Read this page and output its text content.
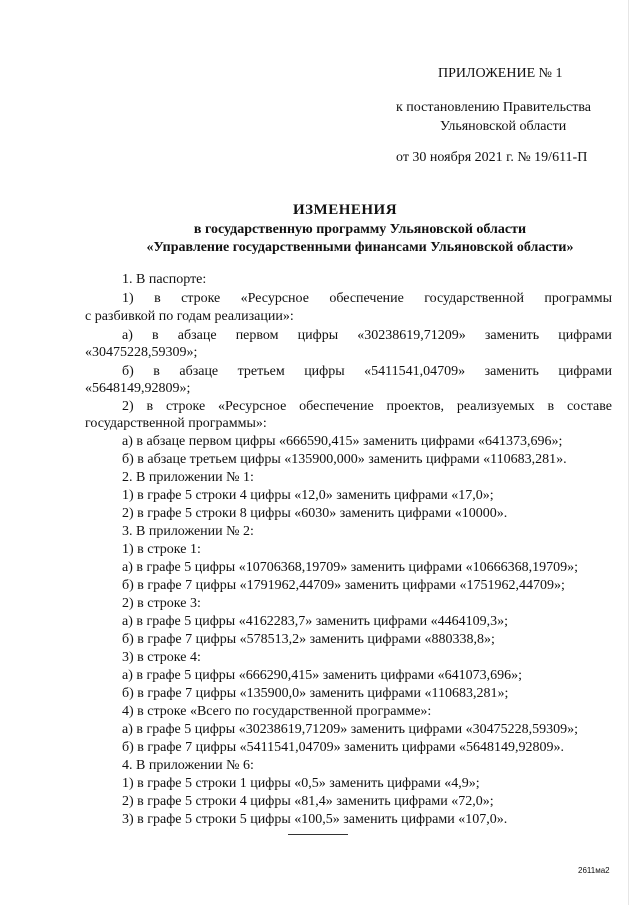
ПРИЛОЖЕНИЕ № 1
к постановлению Правительства
Ульяновской области
от 30 ноября 2021 г. № 19/611-П
ИЗМЕНЕНИЯ
в государственную программу Ульяновской области
«Управление государственными финансами Ульяновской области»
1. В паспорте:
1) в строке «Ресурсное обеспечение государственной программы
с разбивкой по годам реализации»:
а) в абзаце первом цифры «30238619,71209» заменить цифрами
«30475228,59309»;
б) в абзаце третьем цифры «5411541,04709» заменить цифрами
«5648149,92809»;
2) в строке «Ресурсное обеспечение проектов, реализуемых в составе
государственной программы»:
а) в абзаце первом цифры «666590,415» заменить цифрами «641373,696»;
б) в абзаце третьем цифры «135900,000» заменить цифрами «110683,281».
2. В приложении № 1:
1) в графе 5 строки 4 цифры «12,0» заменить цифрами «17,0»;
2) в графе 5 строки 8 цифры «6030» заменить цифрами «10000».
3. В приложении № 2:
1) в строке 1:
а) в графе 5 цифры «10706368,19709» заменить цифрами «10666368,19709»;
б) в графе 7 цифры «1791962,44709» заменить цифрами «1751962,44709»;
2) в строке 3:
а) в графе 5 цифры «4162283,7» заменить цифрами «4464109,3»;
б) в графе 7 цифры «578513,2» заменить цифрами «880338,8»;
3) в строке 4:
а) в графе 5 цифры «666290,415» заменить цифрами «641073,696»;
б) в графе 7 цифры «135900,0» заменить цифрами «110683,281»;
4) в строке «Всего по государственной программе»:
а) в графе 5 цифры «30238619,71209» заменить цифрами «30475228,59309»;
б) в графе 7 цифры «5411541,04709» заменить цифрами «5648149,92809».
4. В приложении № 6:
1) в графе 5 строки 1 цифры «0,5» заменить цифрами «4,9»;
2) в графе 5 строки 4 цифры «81,4» заменить цифрами «72,0»;
3) в графе 5 строки 5 цифры «100,5» заменить цифрами «107,0».
2611ма2
